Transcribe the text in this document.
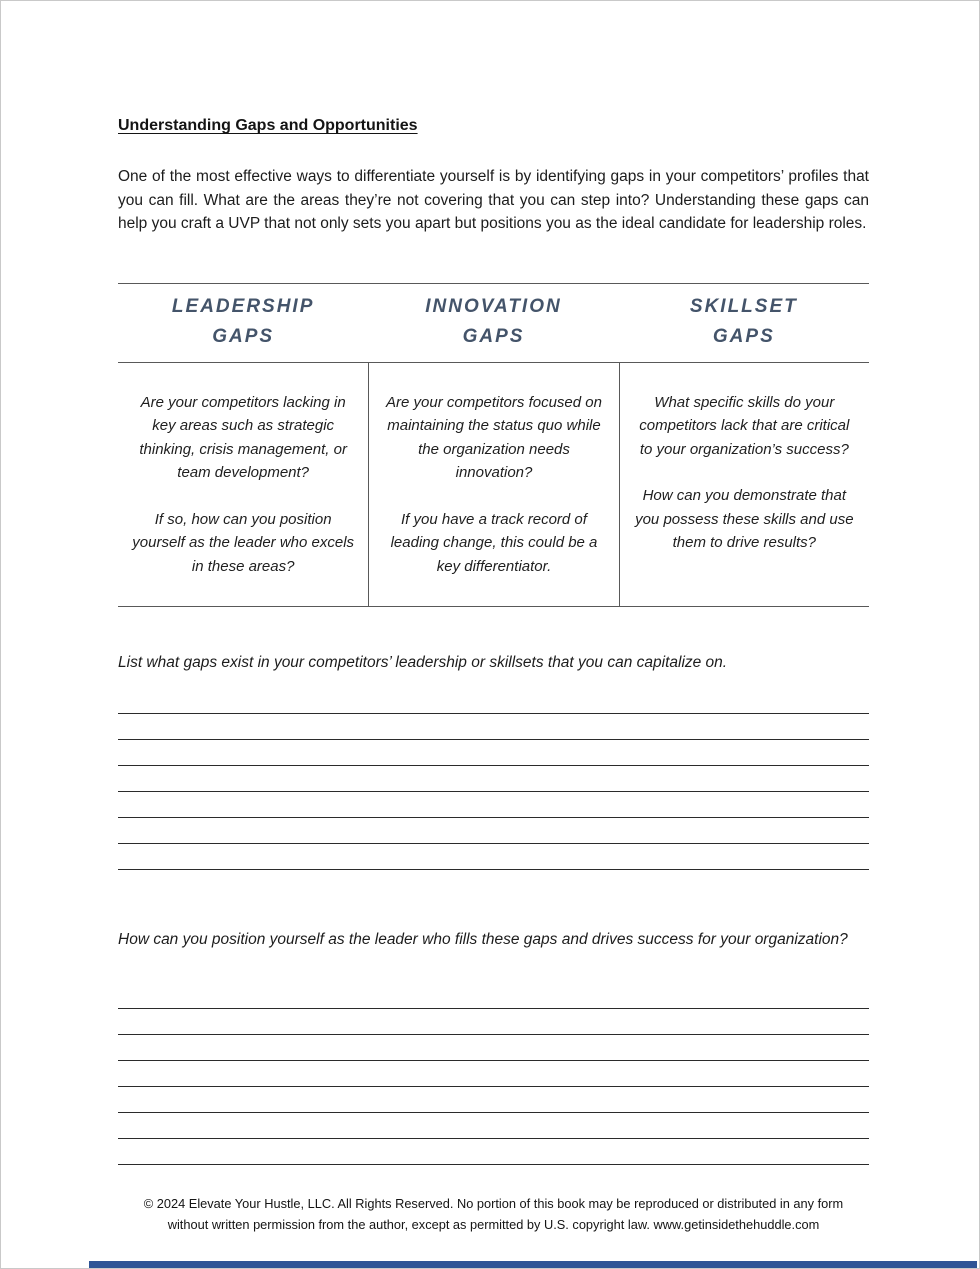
Understanding Gaps and Opportunities

One of the most effective ways to differentiate yourself is by identifying gaps in your competitors’ profiles that you can fill. What are the areas they’re not covering that you can step into? Understanding these gaps can help you craft a UVP that not only sets you apart but positions you as the ideal candidate for leadership roles.

LEADERSHIP
GAPS
INNOVATION
GAPS
SKILLSET
GAPS
Are your competitors lacking in key areas such as strategic thinking, crisis management, or team development?
If so, how can you position yourself as the leader who excels in these areas?
Are your competitors focused on maintaining the status quo while the organization needs innovation?
If you have a track record of leading change, this could be a key differentiator.
What specific skills do your competitors lack that are critical to your organization’s success?
How can you demonstrate that you possess these skills and use them to drive results?

List what gaps exist in your competitors’ leadership or skillsets that you can capitalize on.

How can you position yourself as the leader who fills these gaps and drives success for your organization?

© 2024 Elevate Your Hustle, LLC. All Rights Reserved. No portion of this book may be reproduced or distributed in any form
without written permission from the author, except as permitted by U.S. copyright law. www.getinsidethehuddle.com
